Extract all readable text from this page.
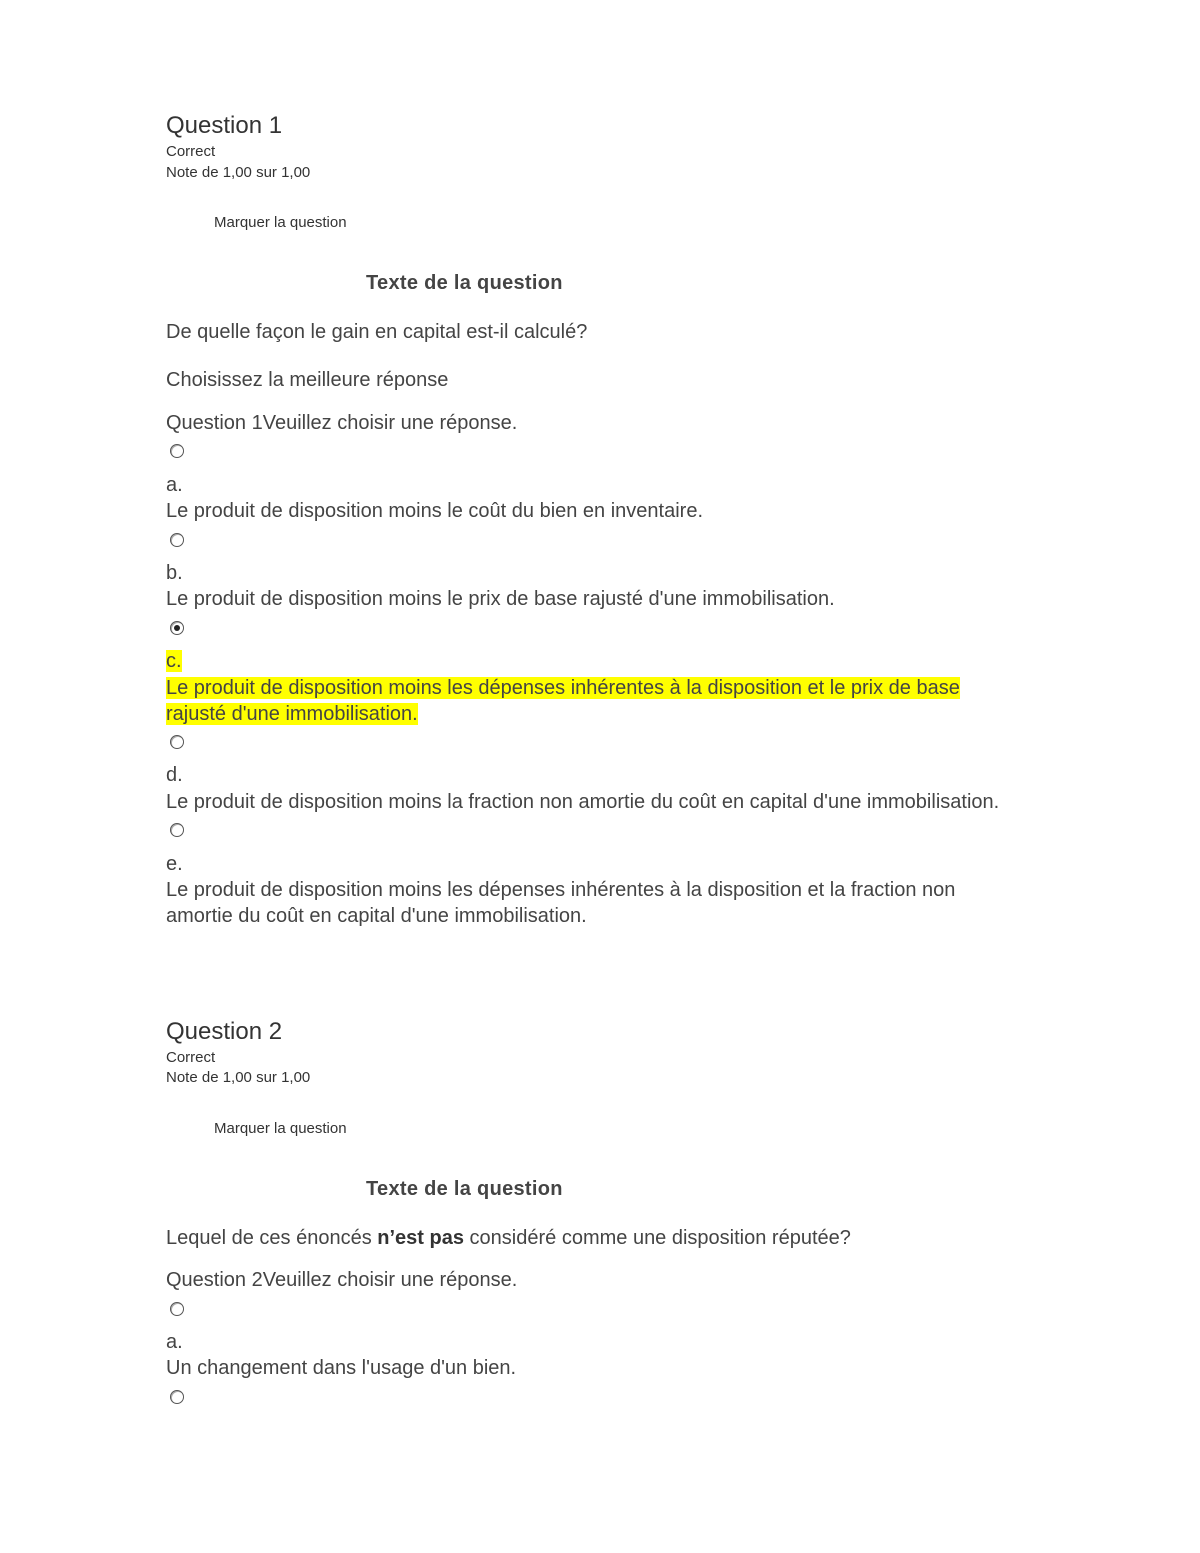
Question 1
Correct
Note de 1,00 sur 1,00
Marquer la question
Texte de la question
De quelle façon le gain en capital est-il calculé?
Choisissez la meilleure réponse
Question 1Veuillez choisir une réponse.
a.
Le produit de disposition moins le coût du bien en inventaire.
b.
Le produit de disposition moins le prix de base rajusté d'une immobilisation.
c.
Le produit de disposition moins les dépenses inhérentes à la disposition et le prix de base
rajusté d'une immobilisation.
d.
Le produit de disposition moins la fraction non amortie du coût en capital d'une immobilisation.
e.
Le produit de disposition moins les dépenses inhérentes à la disposition et la fraction non
amortie du coût en capital d'une immobilisation.
Question 2
Correct
Note de 1,00 sur 1,00
Marquer la question
Texte de la question
Lequel de ces énoncés n’est pas considéré comme une disposition réputée?
Question 2Veuillez choisir une réponse.
a.
Un changement dans l'usage d'un bien.
